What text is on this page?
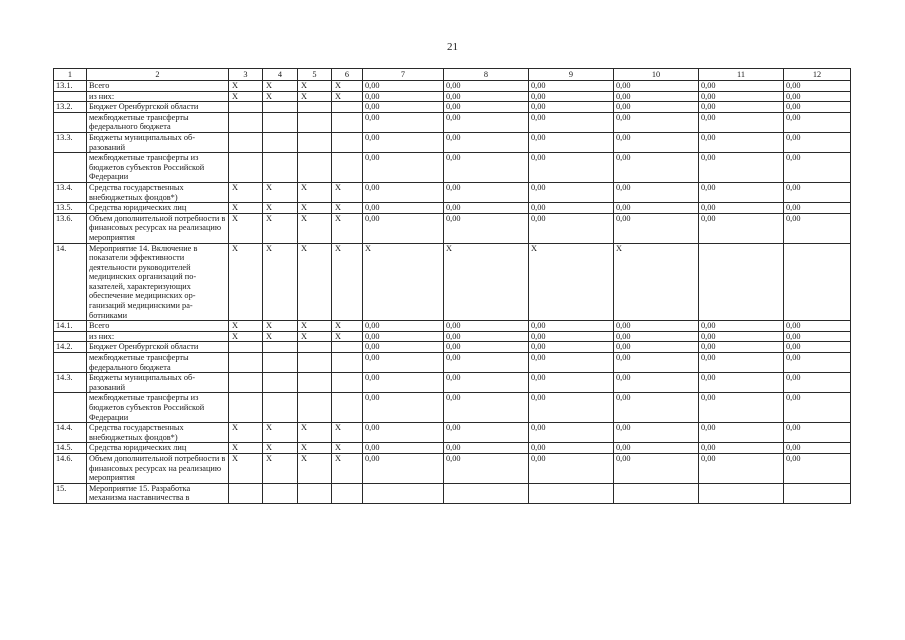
21
1	2	3	4	5	6	7	8	9	10	11	12
13.1.	Всего	X	X	X	X	0,00	0,00	0,00	0,00	0,00	0,00
	из них:	X	X	X	X	0,00	0,00	0,00	0,00	0,00	0,00
13.2.	Бюджет Оренбургской области					0,00	0,00	0,00	0,00	0,00	0,00
	межбюджетные трансферты федерального бюджета					0,00	0,00	0,00	0,00	0,00	0,00
13.3.	Бюджеты муниципальных образований					0,00	0,00	0,00	0,00	0,00	0,00
	межбюджетные трансферты из бюджетов субъектов Российской Федерации					0,00	0,00	0,00	0,00	0,00	0,00
13.4.	Средства государственных внебюджетных фондов*)	X	X	X	X	0,00	0,00	0,00	0,00	0,00	0,00
13.5.	Средства юридических лиц	X	X	X	X	0,00	0,00	0,00	0,00	0,00	0,00
13.6.	Объем дополнительной потребности в финансовых ресурсах на реализацию мероприятия	X	X	X	X	0,00	0,00	0,00	0,00	0,00	0,00
14.	Мероприятие 14. Включение в показатели эффективности деятельности руководителей медицинских организаций показателей, характеризующих обеспечение медицинских организаций медицинскими работниками	X	X	X	X	X	X	X	X		
14.1.	Всего	X	X	X	X	0,00	0,00	0,00	0,00	0,00	0,00
	из них:	X	X	X	X	0,00	0,00	0,00	0,00	0,00	0,00
14.2.	Бюджет Оренбургской области					0,00	0,00	0,00	0,00	0,00	0,00
	межбюджетные трансферты федерального бюджета					0,00	0,00	0,00	0,00	0,00	0,00
14.3.	Бюджеты муниципальных образований					0,00	0,00	0,00	0,00	0,00	0,00
	межбюджетные трансферты из бюджетов субъектов Российской Федерации					0,00	0,00	0,00	0,00	0,00	0,00
14.4.	Средства государственных внебюджетных фондов*)	X	X	X	X	0,00	0,00	0,00	0,00	0,00	0,00
14.5.	Средства юридических лиц	X	X	X	X	0,00	0,00	0,00	0,00	0,00	0,00
14.6.	Объем дополнительной потребности в финансовых ресурсах на реализацию мероприятия	X	X	X	X	0,00	0,00	0,00	0,00	0,00	0,00
15.	Мероприятие 15. Разработка механизма наставничества в										
